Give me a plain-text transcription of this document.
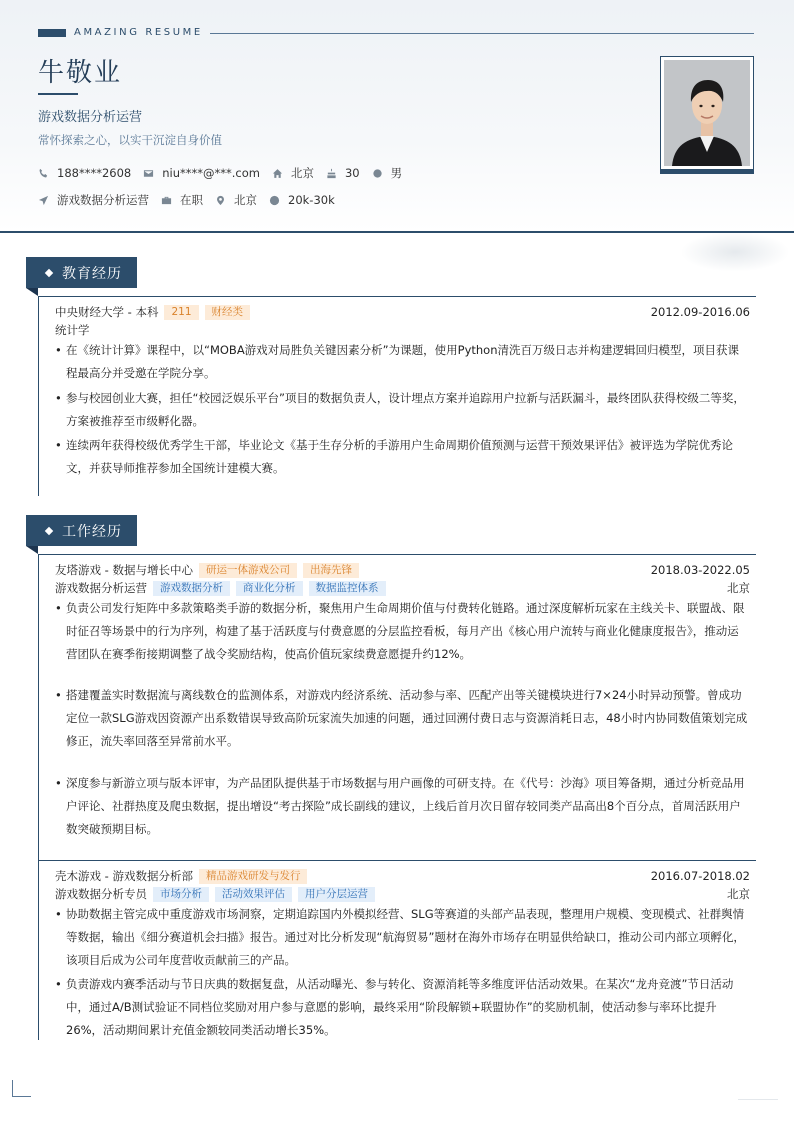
AMAZING RESUME
牛敬业
游戏数据分析运营
常怀探索之心，以实干沉淀自身价值
188****2608	niu****@***.com	北京	30	男
游戏数据分析运营	在职	北京	20k-30k
教育经历
中央财经大学 - 本科	211	财经类	2012.09-2016.06
统计学
• 在《统计计算》课程中，以“MOBA游戏对局胜负关键因素分析”为课题，使用Python清洗百万级日志并构建逻辑回归模型，项目获课程最高分并受邀在学院分享。
• 参与校园创业大赛，担任“校园泛娱乐平台”项目的数据负责人，设计埋点方案并追踪用户拉新与活跃漏斗，最终团队获得校级二等奖，方案被推荐至市级孵化器。
• 连续两年获得校级优秀学生干部，毕业论文《基于生存分析的手游用户生命周期价值预测与运营干预效果评估》被评选为学院优秀论文，并获导师推荐参加全国统计建模大赛。
工作经历
友塔游戏 - 数据与增长中心	研运一体游戏公司	出海先锋	2018.03-2022.05
游戏数据分析运营	游戏数据分析	商业化分析	数据监控体系	北京
• 负责公司发行矩阵中多款策略类手游的数据分析，聚焦用户生命周期价值与付费转化链路。通过深度解析玩家在主线关卡、联盟战、限时征召等场景中的行为序列，构建了基于活跃度与付费意愿的分层监控看板，每月产出《核心用户流转与商业化健康度报告》，推动运营团队在赛季衔接期调整了战令奖励结构，使高价值玩家续费意愿提升约12%。
• 搭建覆盖实时数据流与离线数仓的监测体系，对游戏内经济系统、活动参与率、匹配产出等关键模块进行7×24小时异动预警。曾成功定位一款SLG游戏因资源产出系数错误导致高阶玩家流失加速的问题，通过回溯付费日志与资源消耗日志，48小时内协同数值策划完成修正，流失率回落至异常前水平。
• 深度参与新游立项与版本评审，为产品团队提供基于市场数据与用户画像的可研支持。在《代号：沙海》项目筹备期，通过分析竞品用户评论、社群热度及爬虫数据，提出增设“考古探险”成长副线的建议，上线后首月次日留存较同类产品高出8个百分点，首周活跃用户数突破预期目标。
壳木游戏 - 游戏数据分析部	精品游戏研发与发行	2016.07-2018.02
游戏数据分析专员	市场分析	活动效果评估	用户分层运营	北京
• 协助数据主管完成中重度游戏市场洞察，定期追踪国内外模拟经营、SLG等赛道的头部产品表现，整理用户规模、变现模式、社群舆情等数据，输出《细分赛道机会扫描》报告。通过对比分析发现“航海贸易”题材在海外市场存在明显供给缺口，推动公司内部立项孵化，该项目后成为公司年度营收贡献前三的产品。
• 负责游戏内赛季活动与节日庆典的数据复盘，从活动曝光、参与转化、资源消耗等多维度评估活动效果。在某次“龙舟竞渡”节日活动中，通过A/B测试验证不同档位奖励对用户参与意愿的影响，最终采用“阶段解锁+联盟协作”的奖励机制，使活动参与率环比提升26%，活动期间累计充值金额较同类活动增长35%。
